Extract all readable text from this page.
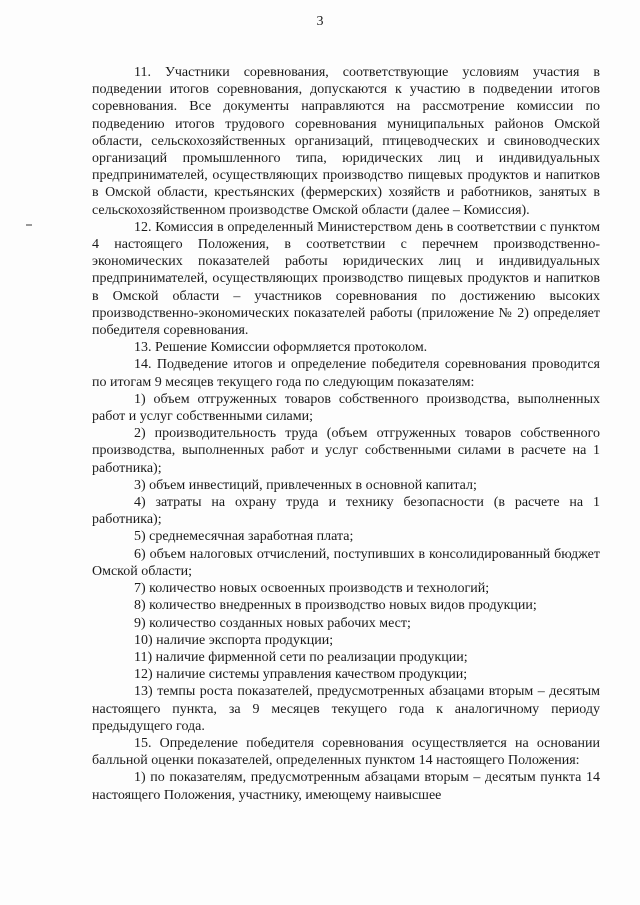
3

11. Участники соревнования, соответствующие условиям участия в подведении итогов соревнования, допускаются к участию в подведении итогов соревнования. Все документы направляются на рассмотрение комиссии по подведению итогов трудового соревнования муниципальных районов Омской области, сельскохозяйственных организаций, птицеводческих и свиноводческих организаций промышленного типа, юридических лиц и индивидуальных предпринимателей, осуществляющих производство пищевых продуктов и напитков в Омской области, крестьянских (фермерских) хозяйств и работников, занятых в сельскохозяйственном производстве Омской области (далее – Комиссия).

12. Комиссия в определенный Министерством день в соответствии с пунктом 4 настоящего Положения, в соответствии с перечнем производственно-экономических показателей работы юридических лиц и индивидуальных предпринимателей, осуществляющих производство пищевых продуктов и напитков в Омской области – участников соревнования по достижению высоких производственно-экономических показателей работы (приложение № 2) определяет победителя соревнования.

13. Решение Комиссии оформляется протоколом.

14. Подведение итогов и определение победителя соревнования проводится по итогам 9 месяцев текущего года по следующим показателям:

1) объем отгруженных товаров собственного производства, выполненных работ и услуг собственными силами;

2) производительность труда (объем отгруженных товаров собственного производства, выполненных работ и услуг собственными силами в расчете на 1 работника);

3) объем инвестиций, привлеченных в основной капитал;

4) затраты на охрану труда и технику безопасности (в расчете на 1 работника);

5) среднемесячная заработная плата;

6) объем налоговых отчислений, поступивших в консолидированный бюджет Омской области;

7) количество новых освоенных производств и технологий;

8) количество внедренных в производство новых видов продукции;

9) количество созданных новых рабочих мест;

10) наличие экспорта продукции;

11) наличие фирменной сети по реализации продукции;

12) наличие системы управления качеством продукции;

13) темпы роста показателей, предусмотренных абзацами вторым – десятым настоящего пункта, за 9 месяцев текущего года к аналогичному периоду предыдущего года.

15. Определение победителя соревнования осуществляется на основании балльной оценки показателей, определенных пунктом 14 настоящего Положения:

1) по показателям, предусмотренным абзацами вторым – десятым пункта 14 настоящего Положения, участнику, имеющему наивысшее
